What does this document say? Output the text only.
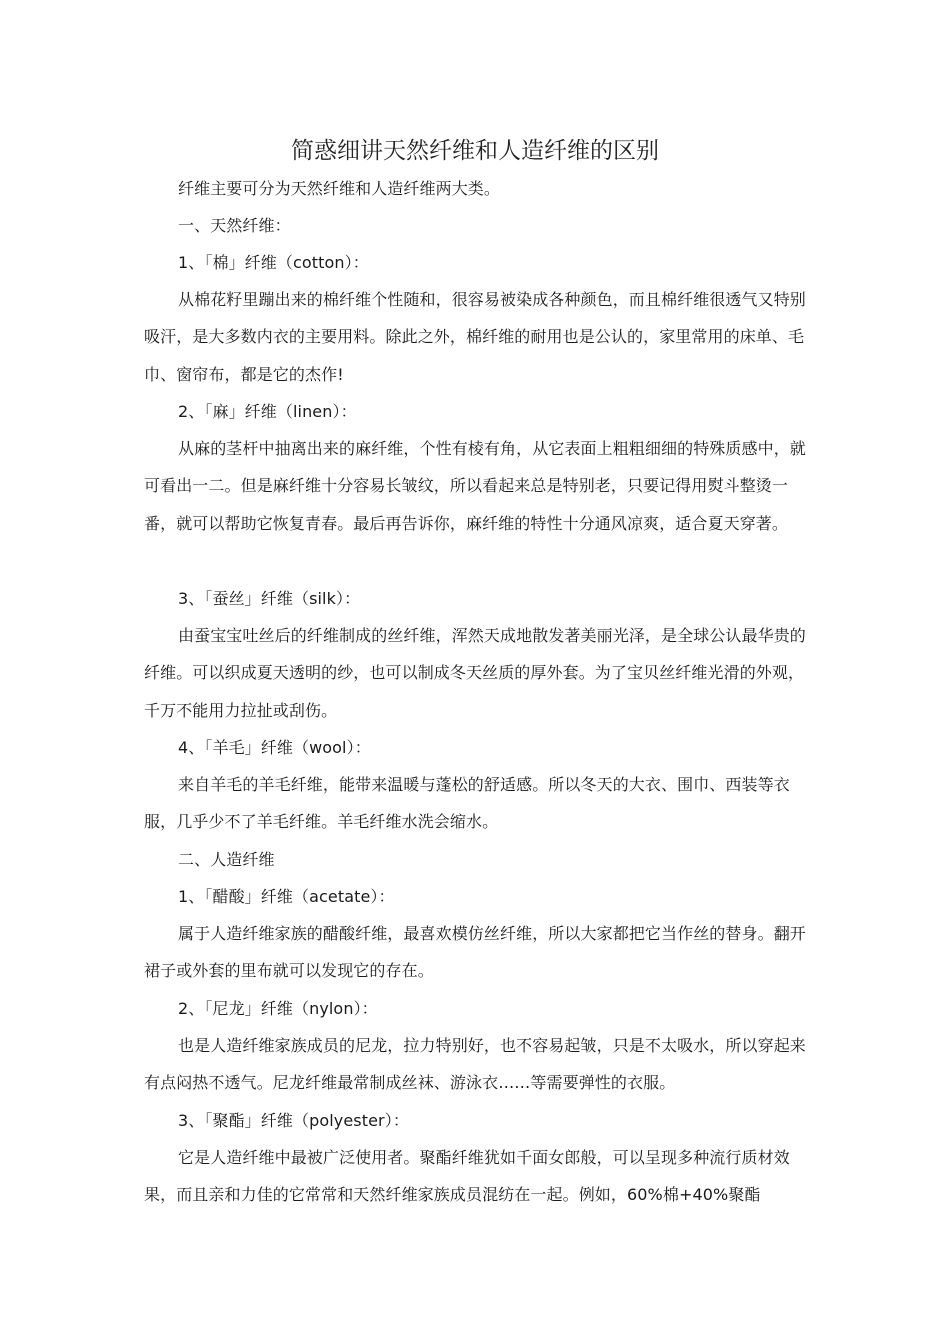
简惑细讲天然纤维和人造纤维的区别

纤维主要可分为天然纤维和人造纤维两大类。

一、天然纤维：

1、「棉」纤维（cotton）：

从棉花籽里蹦出来的棉纤维个性随和，很容易被染成各种颜色，而且棉纤维很透气又特别吸汗，是大多数内衣的主要用料。除此之外，棉纤维的耐用也是公认的，家里常用的床单、毛巾、窗帘布，都是它的杰作!

2、「麻」纤维（linen）：

从麻的茎杆中抽离出来的麻纤维，个性有棱有角，从它表面上粗粗细细的特殊质感中，就可看出一二。但是麻纤维十分容易长皱纹，所以看起来总是特别老，只要记得用熨斗整烫一番，就可以帮助它恢复青春。最后再告诉你，麻纤维的特性十分通风凉爽，适合夏天穿著。

3、「蚕丝」纤维（silk）：

由蚕宝宝吐丝后的纤维制成的丝纤维，浑然天成地散发著美丽光泽，是全球公认最华贵的纤维。可以织成夏天透明的纱，也可以制成冬天丝质的厚外套。为了宝贝丝纤维光滑的外观，千万不能用力拉扯或刮伤。

4、「羊毛」纤维（wool）：

来自羊毛的羊毛纤维，能带来温暖与蓬松的舒适感。所以冬天的大衣、围巾、西装等衣服，几乎少不了羊毛纤维。羊毛纤维水洗会缩水。

二、人造纤维

1、「醋酸」纤维（acetate）：

属于人造纤维家族的醋酸纤维，最喜欢模仿丝纤维，所以大家都把它当作丝的替身。翻开裙子或外套的里布就可以发现它的存在。

2、「尼龙」纤维（nylon）：

也是人造纤维家族成员的尼龙，拉力特别好，也不容易起皱，只是不太吸水，所以穿起来有点闷热不透气。尼龙纤维最常制成丝袜、游泳衣……等需要弹性的衣服。

3、「聚酯」纤维（polyester）：

它是人造纤维中最被广泛使用者。聚酯纤维犹如千面女郎般，可以呈现多种流行质材效果，而且亲和力佳的它常常和天然纤维家族成员混纺在一起。例如，60%棉+40%聚酯
